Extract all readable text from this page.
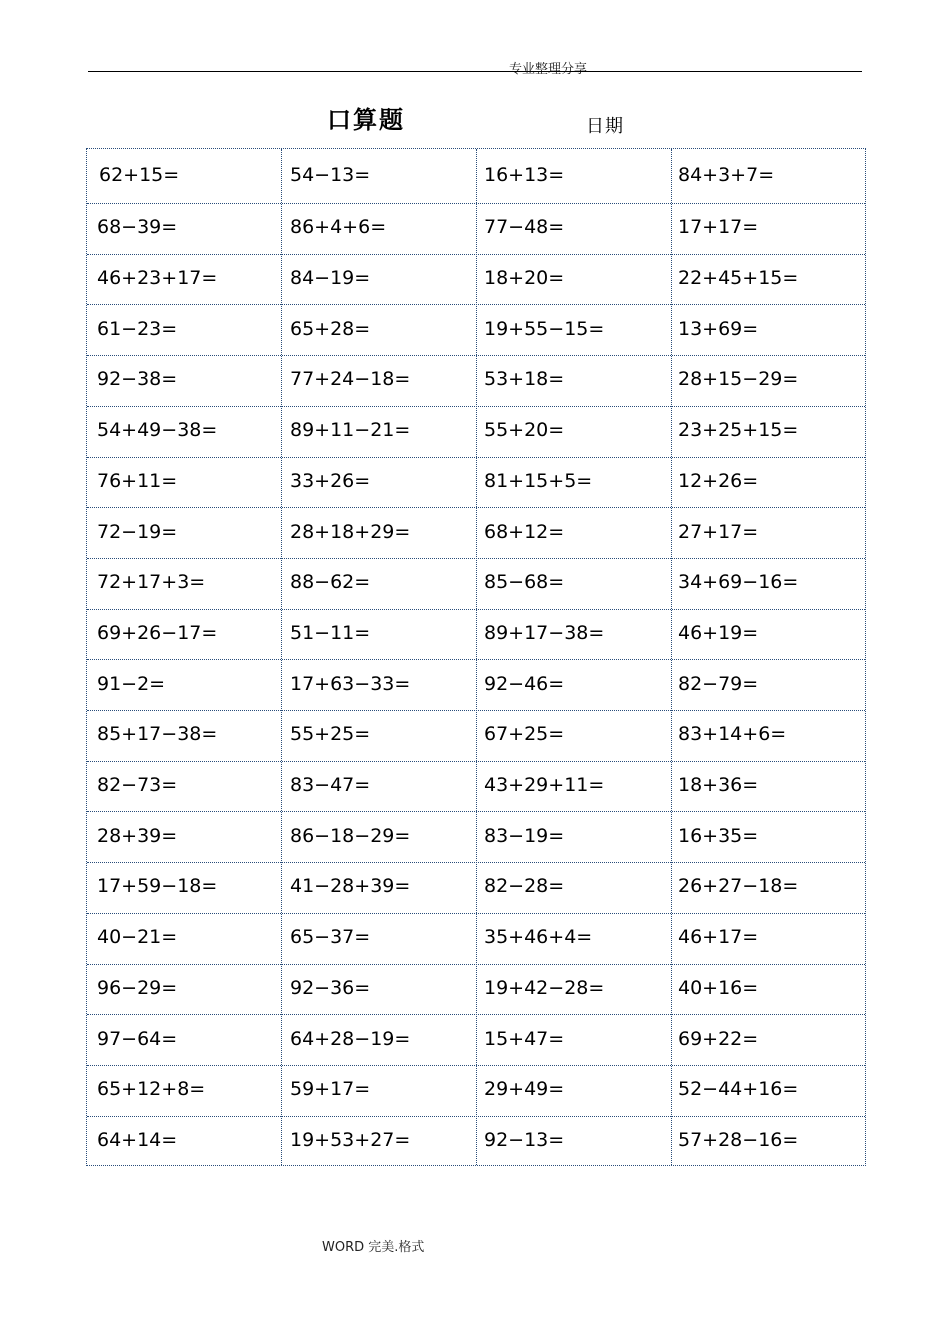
专业整理分享
口算题	日期
62+15=	54−13=	16+13=	84+3+7=
68−39=	86+4+6=	77−48=	17+17=
46+23+17=	84−19=	18+20=	22+45+15=
61−23=	65+28=	19+55−15=	13+69=
92−38=	77+24−18=	53+18=	28+15−29=
54+49−38=	89+11−21=	55+20=	23+25+15=
76+11=	33+26=	81+15+5=	12+26=
72−19=	28+18+29=	68+12=	27+17=
72+17+3=	88−62=	85−68=	34+69−16=
69+26−17=	51−11=	89+17−38=	46+19=
91−2=	17+63−33=	92−46=	82−79=
85+17−38=	55+25=	67+25=	83+14+6=
82−73=	83−47=	43+29+11=	18+36=
28+39=	86−18−29=	83−19=	16+35=
17+59−18=	41−28+39=	82−28=	26+27−18=
40−21=	65−37=	35+46+4=	46+17=
96−29=	92−36=	19+42−28=	40+16=
97−64=	64+28−19=	15+47=	69+22=
65+12+8=	59+17=	29+49=	52−44+16=
64+14=	19+53+27=	92−13=	57+28−16=
WORD 完美.格式
